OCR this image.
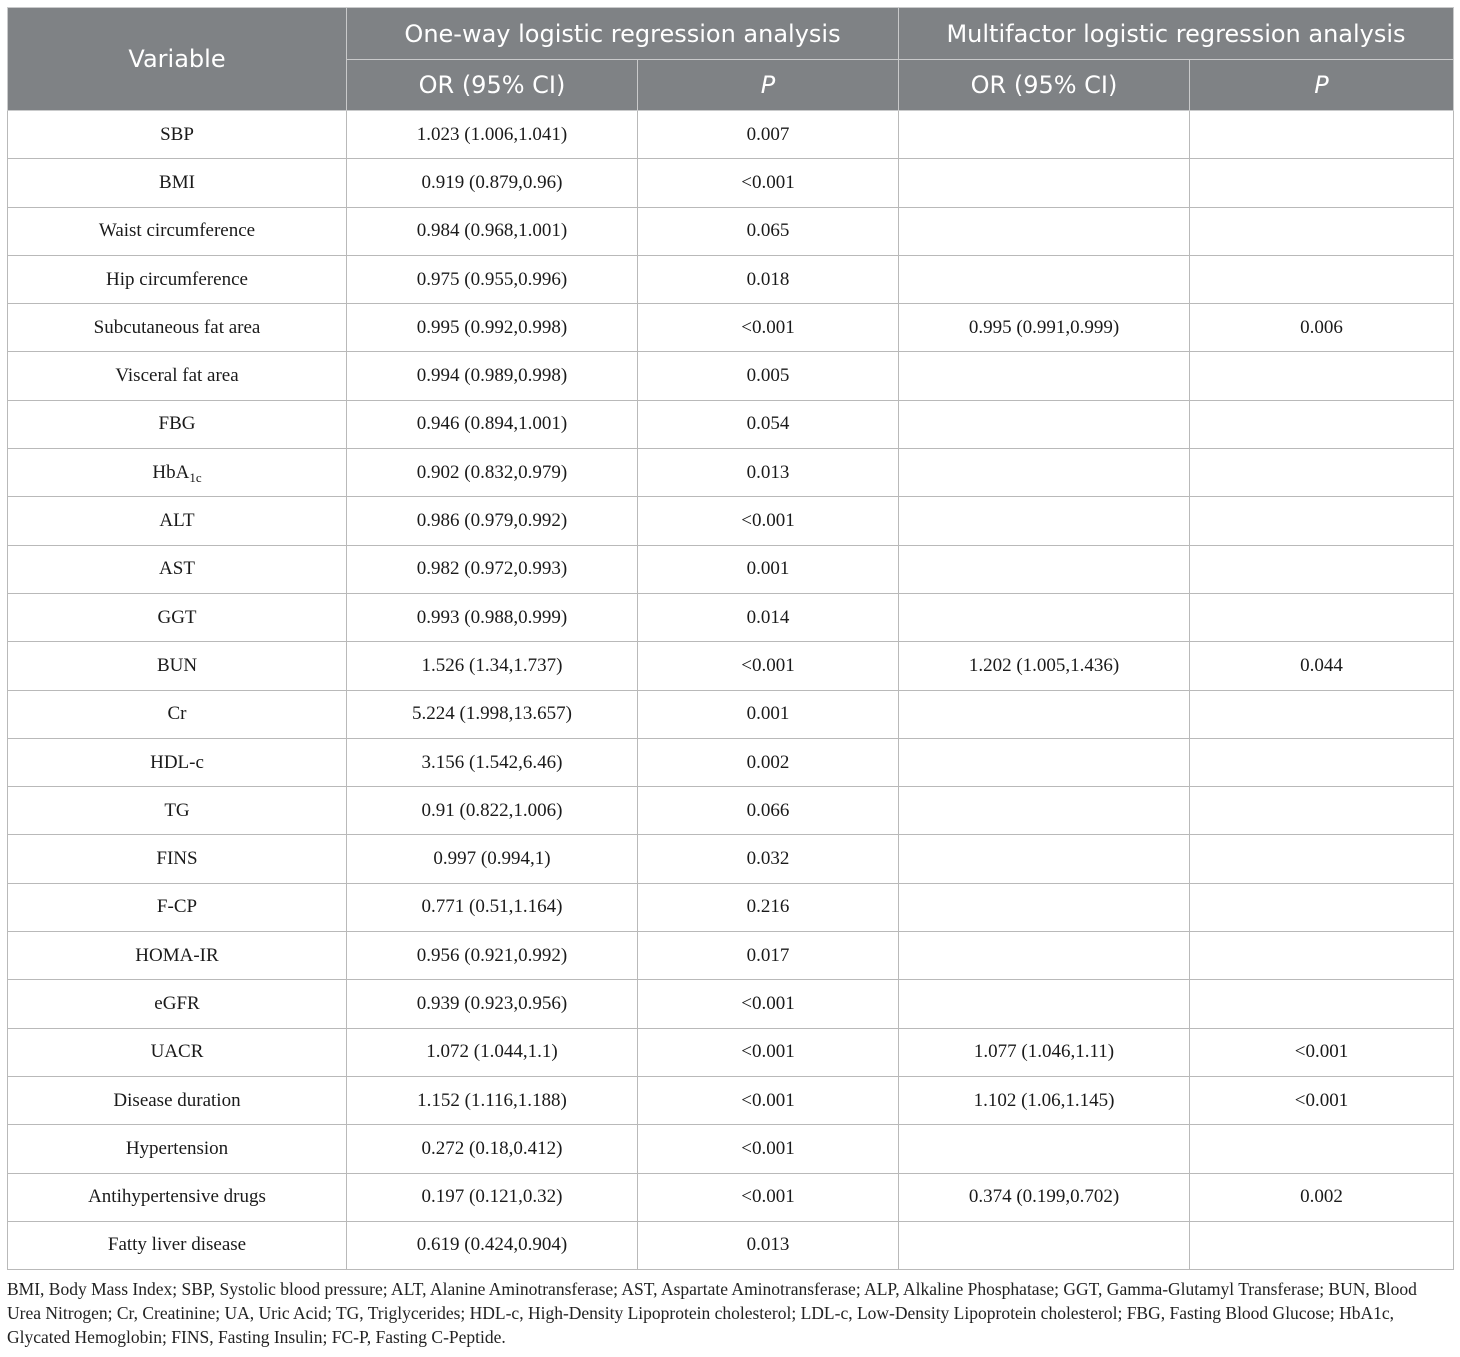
Variable	One-way logistic regression analysis		Multifactor logistic regression analysis	
	OR (95% CI)	P	OR (95% CI)	P
SBP	1.023 (1.006,1.041)	0.007		
BMI	0.919 (0.879,0.96)	<0.001		
Waist circumference	0.984 (0.968,1.001)	0.065		
Hip circumference	0.975 (0.955,0.996)	0.018		
Subcutaneous fat area	0.995 (0.992,0.998)	<0.001	0.995 (0.991,0.999)	0.006
Visceral fat area	0.994 (0.989,0.998)	0.005		
FBG	0.946 (0.894,1.001)	0.054		
HbA$_{1c}$	0.902 (0.832,0.979)	0.013		
ALT	0.986 (0.979,0.992)	<0.001		
AST	0.982 (0.972,0.993)	0.001		
GGT	0.993 (0.988,0.999)	0.014		
BUN	1.526 (1.34,1.737)	<0.001	1.202 (1.005,1.436)	0.044
Cr	5.224 (1.998,13.657)	0.001		
HDL-c	3.156 (1.542,6.46)	0.002		
TG	0.91 (0.822,1.006)	0.066		
FINS	0.997 (0.994,1)	0.032		
F-CP	0.771 (0.51,1.164)	0.216		
HOMA-IR	0.956 (0.921,0.992)	0.017		
eGFR	0.939 (0.923,0.956)	<0.001		
UACR	1.072 (1.044,1.1)	<0.001	1.077 (1.046,1.11)	<0.001
Disease duration	1.152 (1.116,1.188)	<0.001	1.102 (1.06,1.145)	<0.001
Hypertension	0.272 (0.18,0.412)	<0.001		
Antihypertensive drugs	0.197 (0.121,0.32)	<0.001	0.374 (0.199,0.702)	0.002
Fatty liver disease	0.619 (0.424,0.904)	0.013		
BMI, Body Mass Index; SBP, Systolic blood pressure; ALT, Alanine Aminotransferase; AST, Aspartate Aminotransferase; ALP, Alkaline Phosphatase; GGT, Gamma-Glutamyl Transferase; BUN, Blood Urea Nitrogen; Cr, Creatinine; UA, Uric Acid; TG, Triglycerides; HDL-c, High-Density Lipoprotein cholesterol; LDL-c, Low-Density Lipoprotein cholesterol; FBG, Fasting Blood Glucose; HbA1c, Glycated Hemoglobin; FINS, Fasting Insulin; FC-P, Fasting C-Peptide.
